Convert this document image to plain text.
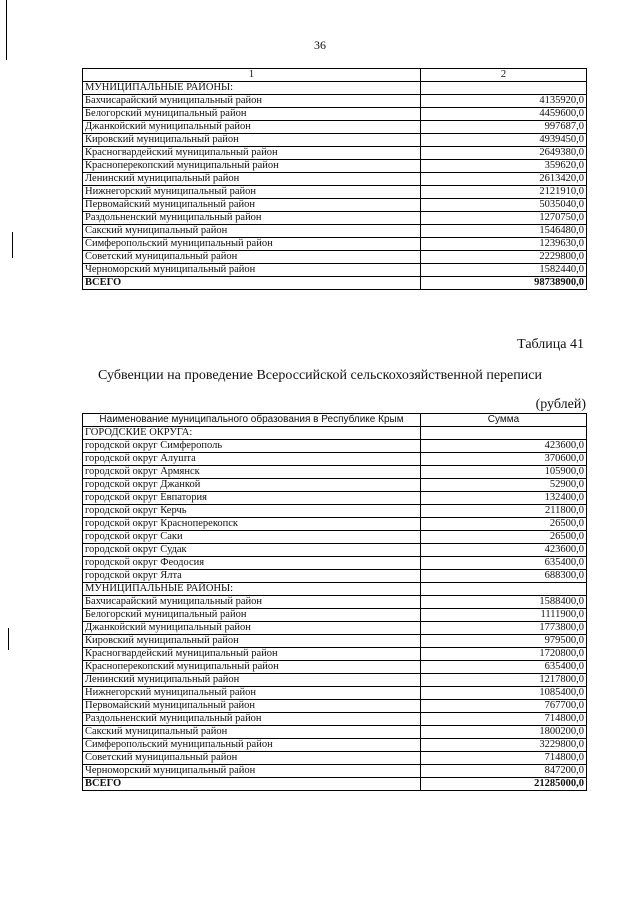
36
1	2
МУНИЦИПАЛЬНЫЕ РАЙОНЫ:	
Бахчисарайский муниципальный район	4135920,0
Белогорский муниципальный район	4459600,0
Джанкойский муниципальный район	997687,0
Кировский муниципальный район	4939450,0
Красногвардейский муниципальный район	2649380,0
Красноперекопский муниципальный район	359620,0
Ленинский муниципальный район	2613420,0
Нижнегорский муниципальный район	2121910,0
Первомайский муниципальный район	5035040,0
Раздольненский муниципальный район	1270750,0
Сакский муниципальный район	1546480,0
Симферопольский муниципальный район	1239630,0
Советский муниципальный район	2229800,0
Черноморский муниципальный район	1582440,0
ВСЕГО	98738900,0
Таблица 41
Субвенции на проведение Всероссийской сельскохозяйственной переписи
(рублей)
Наименование муниципального образования в Республике Крым	Сумма
ГОРОДСКИЕ ОКРУГА:	
городской округ Симферополь	423600,0
городской округ Алушта	370600,0
городской округ Армянск	105900,0
городской округ Джанкой	52900,0
городской округ Евпатория	132400,0
городской округ Керчь	211800,0
городской округ Красноперекопск	26500,0
городской округ Саки	26500,0
городской округ Судак	423600,0
городской округ Феодосия	635400,0
городской округ Ялта	688300,0
МУНИЦИПАЛЬНЫЕ РАЙОНЫ:	
Бахчисарайский муниципальный район	1588400,0
Белогорский муниципальный район	1111900,0
Джанкойский муниципальный район	1773800,0
Кировский муниципальный район	979500,0
Красногвардейский муниципальный район	1720800,0
Красноперекопский муниципальный район	635400,0
Ленинский муниципальный район	1217800,0
Нижнегорский муниципальный район	1085400,0
Первомайский муниципальный район	767700,0
Раздольненский муниципальный район	714800,0
Сакский муниципальный район	1800200,0
Симферопольский муниципальный район	3229800,0
Советский муниципальный район	714800,0
Черноморский муниципальный район	847200,0
ВСЕГО	21285000,0
